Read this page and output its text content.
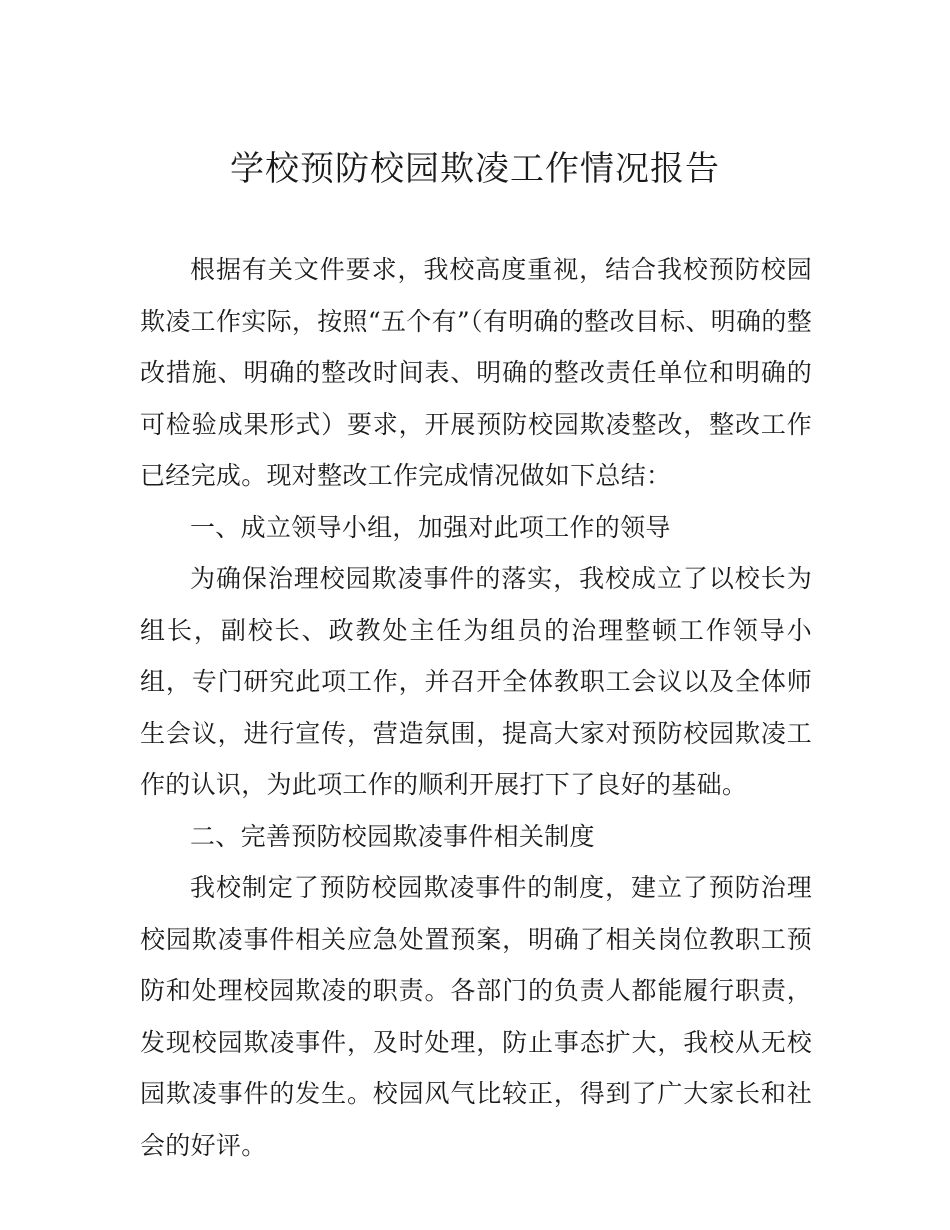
学校预防校园欺凌工作情况报告

根据有关文件要求，我校高度重视，结合我校预防校园欺凌工作实际，按照“五个有”（有明确的整改目标、明确的整改措施、明确的整改时间表、明确的整改责任单位和明确的可检验成果形式）要求，开展预防校园欺凌整改，整改工作已经完成。现对整改工作完成情况做如下总结：

一、成立领导小组，加强对此项工作的领导

为确保治理校园欺凌事件的落实，我校成立了以校长为组长，副校长、政教处主任为组员的治理整顿工作领导小组，专门研究此项工作，并召开全体教职工会议以及全体师生会议，进行宣传，营造氛围，提高大家对预防校园欺凌工作的认识，为此项工作的顺利开展打下了良好的基础。

二、完善预防校园欺凌事件相关制度

我校制定了预防校园欺凌事件的制度，建立了预防治理校园欺凌事件相关应急处置预案，明确了相关岗位教职工预防和处理校园欺凌的职责。各部门的负责人都能履行职责，发现校园欺凌事件，及时处理，防止事态扩大，我校从无校园欺凌事件的发生。校园风气比较正，得到了广大家长和社会的好评。
